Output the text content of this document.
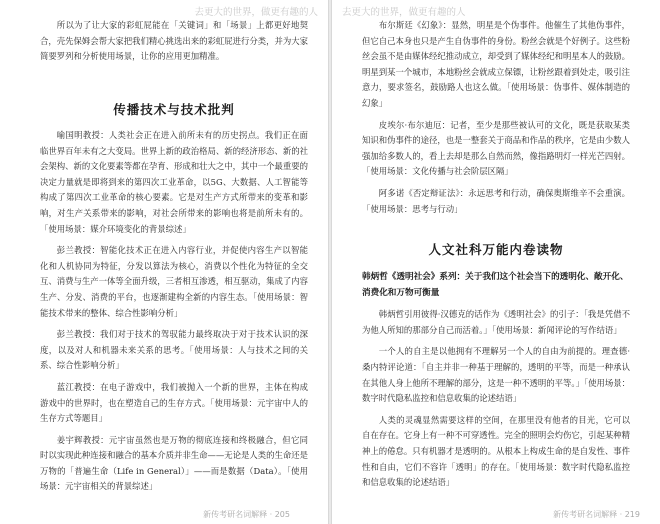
去更大的世界，做更有趣的人

所以为了让大家的彩虹屁能在「关键词」和「场景」上都更好地契合，壳先保姆会帮大家把我们精心挑选出来的彩虹屁进行分类，并为大家简要罗列和分析使用场景，让你的应用更加精准。

传播技术与技术批判

喻国明教授：人类社会正在进入前所未有的历史拐点。我们正在面临世界百年未有之大变局。世界上新的政治格局、新的经济形态、新的社会架构、新的文化要素等都在孕育、形成和壮大之中，其中一个最重要的决定力量就是即将到来的第四次工业革命，以5G、大数据、人工智能等构成了第四次工业革命的核心要素。它是对生产方式所带来的变革和影响，对生产关系带来的影响，对社会所带来的影响也将是前所未有的。「使用场景：媒介环境变化的背景综述」

彭兰教授：智能化技术正在进入内容行业，并促使内容生产以智能化和人机协同为特征，分发以算法为核心，消费以个性化为特征的全交互、消费与生产一体等全面升级，三者相互渗透，相互驱动，集成了内容生产、分发、消费的平台，也逐渐建构全新的内容生态。「使用场景：智能技术带来的整体、综合性影响分析」

彭兰教授：我们对于技术的驾驭能力最终取决于对于技术认识的深度，以及对人和机器未来关系的思考。「使用场景：人与技术之间的关系、综合性影响分析」

蓝江教授：在电子游戏中，我们被抛入一个新的世界，主体在构成游戏中的世界时，也在塑造自己的生存方式。「使用场景：元宇宙中人的生存方式等题目」

姜宇辉教授：元宇宙虽然也是万物的彻底连接和终极融合，但它同时以实现此种连接和融合的基本介质并非生命——无论是人类的生命还是万物的「普遍生命（Life in General）」——而是数据（Data）。「使用场景：元宇宙相关的背景综述」

新传考研名词解释 · 205
去更大的世界，做更有趣的人

布尔斯廷《幻象》：显然，明星是个伪事件。他催生了其他伪事件，但它自己本身也只是产生自伪事件的身份。粉丝会就是个好例子。这些粉丝会虽不是由媒体经纪推动成立，却受到了媒体经纪和明星本人的鼓励。明星到某一个城市，本地粉丝会就成立保镖，让粉丝跟着到处走，吸引注意力，要求签名，鼓励路人也这么做。「使用场景：伪事件、媒体制造的幻象」

皮埃尔·布尔迪厄：记者，至少是那些被认可的文化，既是获取某类知识和伪事件的途径，也是一整套关于商品和作品的秩序，它是由少数人强加给多数人的，看上去却是那么自然而然，像指路明灯一样光芒四射。「使用场景：文化传播与社会阶层区隔」

阿多诺《否定辩证法》：永远思考和行动，确保奥斯维辛不会重演。「使用场景：思考与行动」

人文社科万能内卷读物

韩炳哲《透明社会》系列：关于我们这个社会当下的透明化、敞开化、消费化和万物可衡量

韩炳哲引用彼得·汉德克的话作为《透明社会》的引子：「我是凭借不为他人所知的那部分自己而活着。」「使用场景：新闻评论的写作结语」

一个人的自主是以他拥有不理解另一个人的自由为前提的。理查德·桑内特评论道：「自主并非一种基于理解的，透明的平等，而是一种承认在其他人身上他所不理解的部分，这是一种不透明的平等。」「使用场景：数字时代隐私监控和信息收集的论述结语」

人类的灵魂显然需要这样的空间，在那里没有他者的目光，它可以自在存在。它身上有一种不可穿透性。完全的照明会灼伤它，引起某种精神上的倦怠。只有机器才是透明的。从根本上构成生命的是自发性、事件性和自由，它们不容许「透明」的存在。「使用场景：数字时代隐私监控和信息收集的论述结语」

新传考研名词解释 · 219
